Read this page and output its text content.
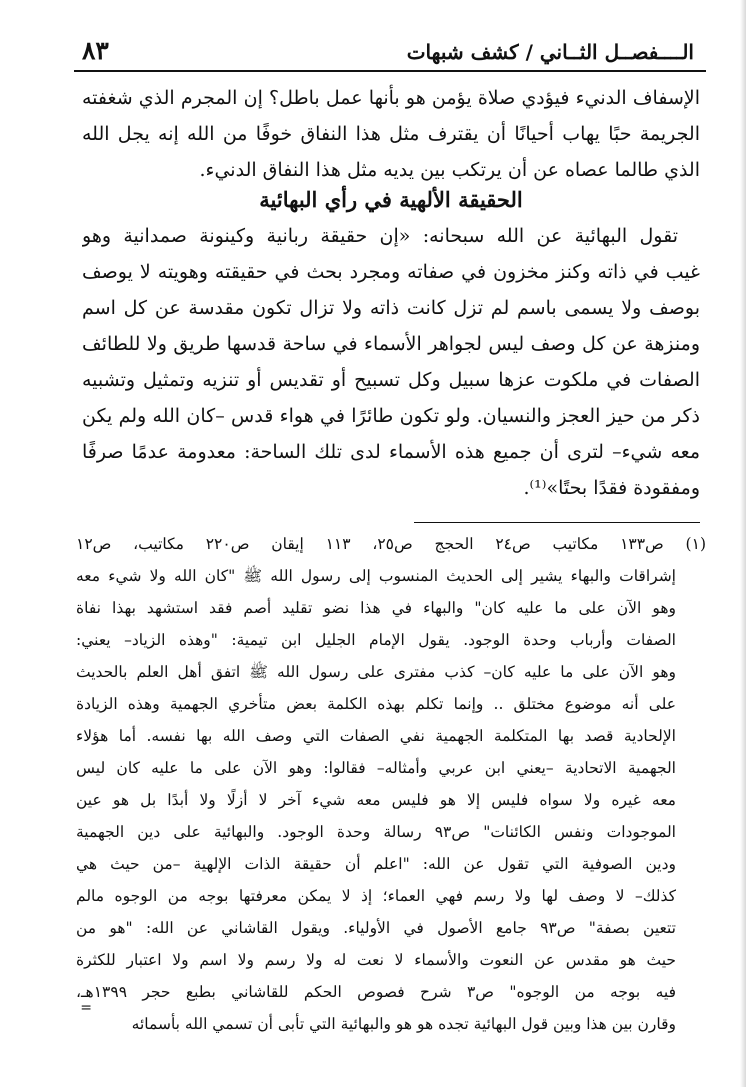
٨٣	الــــفصــل الثــاني / كشف شبهات
الإسفاف الدنيء فيؤدي صلاة يؤمن هو بأنها عمل باطل؟ إن المجرم الذي شغفته
الجريمة حبًا يهاب أحيانًا أن يقترف مثل هذا النفاق خوفًا من الله إنه يجل الله
الذي طالما عصاه عن أن يرتكب بين يديه مثل هذا النفاق الدنيء.
الحقيقة الألهية في رأي البهائية
تقول البهائية عن الله سبحانه: «إن حقيقة ربانية وكينونة صمدانية وهو
غيب في ذاته وكنز مخزون في صفاته ومجرد بحث في حقيقته وهويته لا يوصف
بوصف ولا يسمى باسم لم تزل كانت ذاته ولا تزال تكون مقدسة عن كل اسم
ومنزهة عن كل وصف ليس لجواهر الأسماء في ساحة قدسها طريق ولا للطائف
الصفات في ملكوت عزها سبيل وكل تسبيح أو تقديس أو تنزيه وتمثيل وتشبيه
ذكر من حيز العجز والنسيان. ولو تكون طائرًا في هواء قدس –كان الله ولم يكن
معه شيء– لترى أن جميع هذه الأسماء لدى تلك الساحة: معدومة عدمًا صرفًا
ومفقودة فقدًا بحتًا»⁽¹⁾.
(١) ص١٣٣ مكاتيب ص٢٤ الحجج ص٢٥، ١١٣ إيقان ص٢٢٠ مكاتيب، ص١٢
إشراقات والبهاء يشير إلى الحديث المنسوب إلى رسول الله ﷺ "كان الله ولا شيء معه
وهو الآن على ما عليه كان" والبهاء في هذا نضو تقليد أصم فقد استشهد بهذا نفاة
الصفات وأرباب وحدة الوجود. يقول الإمام الجليل ابن تيمية: "وهذه الزياد– يعني:
وهو الآن على ما عليه كان– كذب مفترى على رسول الله ﷺ اتفق أهل العلم بالحديث
على أنه موضوع مختلق .. وإنما تكلم بهذه الكلمة بعض متأخري الجهمية وهذه الزيادة
الإلحادية قصد بها المتكلمة الجهمية نفي الصفات التي وصف الله بها نفسه. أما هؤلاء
الجهمية الاتحادية –يعني ابن عربي وأمثاله– فقالوا: وهو الآن على ما عليه كان ليس
معه غيره ولا سواه فليس إلا هو فليس معه شيء آخر لا أزلًا ولا أبدًا بل هو عين
الموجودات ونفس الكائنات" ص٩٣ رسالة وحدة الوجود. والبهائية على دين الجهمية
ودين الصوفية التي تقول عن الله: "اعلم أن حقيقة الذات الإلهية –من حيث هي
كذلك– لا وصف لها ولا رسم فهي العماء؛ إذ لا يمكن معرفتها بوجه من الوجوه مالم
تتعين بصفة" ص٩٣ جامع الأصول في الأولياء. ويقول القاشاني عن الله: "هو من
حيث هو مقدس عن النعوت والأسماء لا نعت له ولا رسم ولا اسم ولا اعتبار للكثرة
فيه بوجه من الوجوه" ص٣ شرح فصوص الحكم للقاشاني بطبع حجر ١٣٩٩هـ،
وقارن بين هذا وبين قول البهائية تجده هو هو والبهائية التي تأبى أن تسمي الله بأسمائه
=
